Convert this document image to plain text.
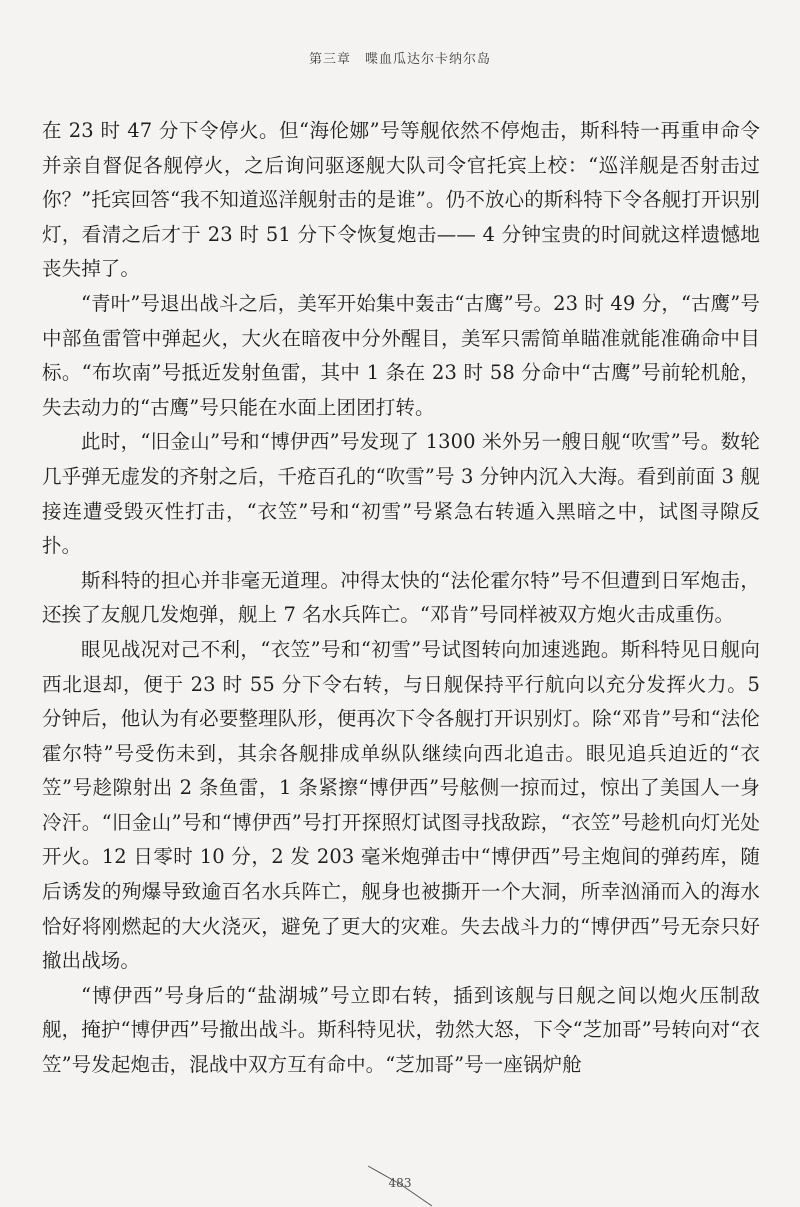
第三章　喋血瓜达尔卡纳尔岛

在 23 时 47 分下令停火。但“海伦娜”号等舰依然不停炮击，斯科特一再重申命令并亲自督促各舰停火，之后询问驱逐舰大队司令官托宾上校：“巡洋舰是否射击过你？”托宾回答“我不知道巡洋舰射击的是谁”。仍不放心的斯科特下令各舰打开识别灯，看清之后才于 23 时 51 分下令恢复炮击—— 4 分钟宝贵的时间就这样遗憾地丧失掉了。

“青叶”号退出战斗之后，美军开始集中轰击“古鹰”号。23 时 49 分，“古鹰”号中部鱼雷管中弹起火，大火在暗夜中分外醒目，美军只需简单瞄准就能准确命中目标。“布坎南”号抵近发射鱼雷，其中 1 条在 23 时 58 分命中“古鹰”号前轮机舱，失去动力的“古鹰”号只能在水面上团团打转。

此时，“旧金山”号和“博伊西”号发现了 1300 米外另一艘日舰“吹雪”号。数轮几乎弹无虚发的齐射之后，千疮百孔的“吹雪”号 3 分钟内沉入大海。看到前面 3 舰接连遭受毁灭性打击，“衣笠”号和“初雪”号紧急右转遁入黑暗之中，试图寻隙反扑。

斯科特的担心并非毫无道理。冲得太快的“法伦霍尔特”号不但遭到日军炮击，还挨了友舰几发炮弹，舰上 7 名水兵阵亡。“邓肯”号同样被双方炮火击成重伤。

眼见战况对己不利，“衣笠”号和“初雪”号试图转向加速逃跑。斯科特见日舰向西北退却，便于 23 时 55 分下令右转，与日舰保持平行航向以充分发挥火力。5 分钟后，他认为有必要整理队形，便再次下令各舰打开识别灯。除“邓肯”号和“法伦霍尔特”号受伤未到，其余各舰排成单纵队继续向西北追击。眼见追兵迫近的“衣笠”号趁隙射出 2 条鱼雷，1 条紧擦“博伊西”号舷侧一掠而过，惊出了美国人一身冷汗。“旧金山”号和“博伊西”号打开探照灯试图寻找敌踪，“衣笠”号趁机向灯光处开火。12 日零时 10 分，2 发 203 毫米炮弹击中“博伊西”号主炮间的弹药库，随后诱发的殉爆导致逾百名水兵阵亡，舰身也被撕开一个大洞，所幸汹涌而入的海水恰好将刚燃起的大火浇灭，避免了更大的灾难。失去战斗力的“博伊西”号无奈只好撤出战场。

“博伊西”号身后的“盐湖城”号立即右转，插到该舰与日舰之间以炮火压制敌舰，掩护“博伊西”号撤出战斗。斯科特见状，勃然大怒，下令“芝加哥”号转向对“衣笠”号发起炮击，混战中双方互有命中。“芝加哥”号一座锅炉舱

483
